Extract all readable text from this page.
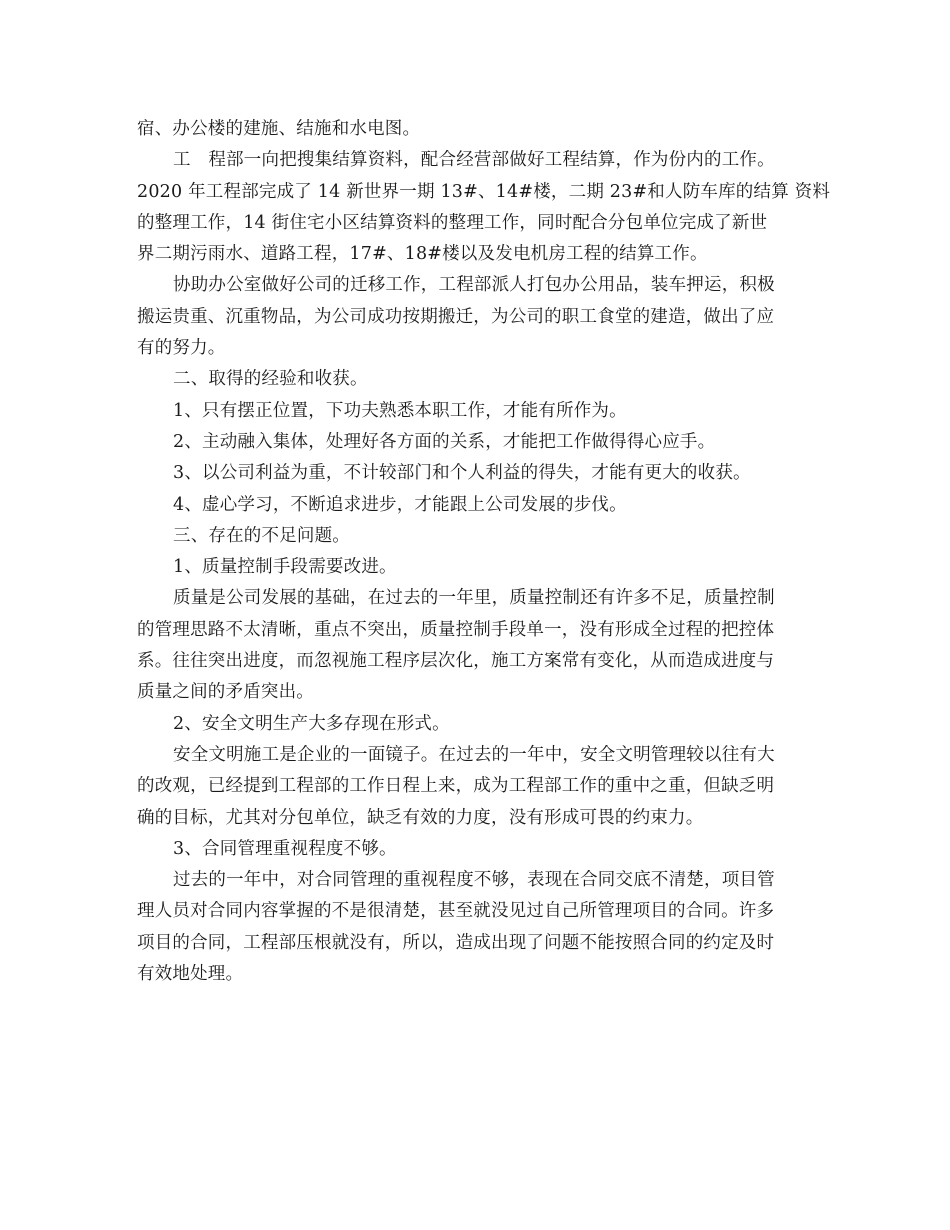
宿、办公楼的建施、结施和水电图。
工　程部一向把搜集结算资料，配合经营部做好工程结算，作为份内的工作。
2020 年工程部完成了 14 新世界一期 13#、14#楼，二期 23#和人防车库的结算 资料
的整理工作，14 街住宅小区结算资料的整理工作，同时配合分包单位完成了新世
界二期污雨水、道路工程，17#、18#楼以及发电机房工程的结算工作。
协助办公室做好公司的迁移工作，工程部派人打包办公用品，装车押运，积极
搬运贵重、沉重物品，为公司成功按期搬迁，为公司的职工食堂的建造，做出了应
有的努力。
二、取得的经验和收获。
1、只有摆正位置，下功夫熟悉本职工作，才能有所作为。
2、主动融入集体，处理好各方面的关系，才能把工作做得得心应手。
3、以公司利益为重，不计较部门和个人利益的得失，才能有更大的收获。
4、虚心学习，不断追求进步，才能跟上公司发展的步伐。
三、存在的不足问题。
1、质量控制手段需要改进。
质量是公司发展的基础，在过去的一年里，质量控制还有许多不足，质量控制
的管理思路不太清晰，重点不突出，质量控制手段单一，没有形成全过程的把控体
系。往往突出进度，而忽视施工程序层次化，施工方案常有变化，从而造成进度与
质量之间的矛盾突出。
2、安全文明生产大多存现在形式。
安全文明施工是企业的一面镜子。在过去的一年中，安全文明管理较以往有大
的改观，已经提到工程部的工作日程上来，成为工程部工作的重中之重，但缺乏明
确的目标，尤其对分包单位，缺乏有效的力度，没有形成可畏的约束力。
3、合同管理重视程度不够。
过去的一年中，对合同管理的重视程度不够，表现在合同交底不清楚，项目管
理人员对合同内容掌握的不是很清楚，甚至就没见过自己所管理项目的合同。许多
项目的合同，工程部压根就没有，所以，造成出现了问题不能按照合同的约定及时
有效地处理。
